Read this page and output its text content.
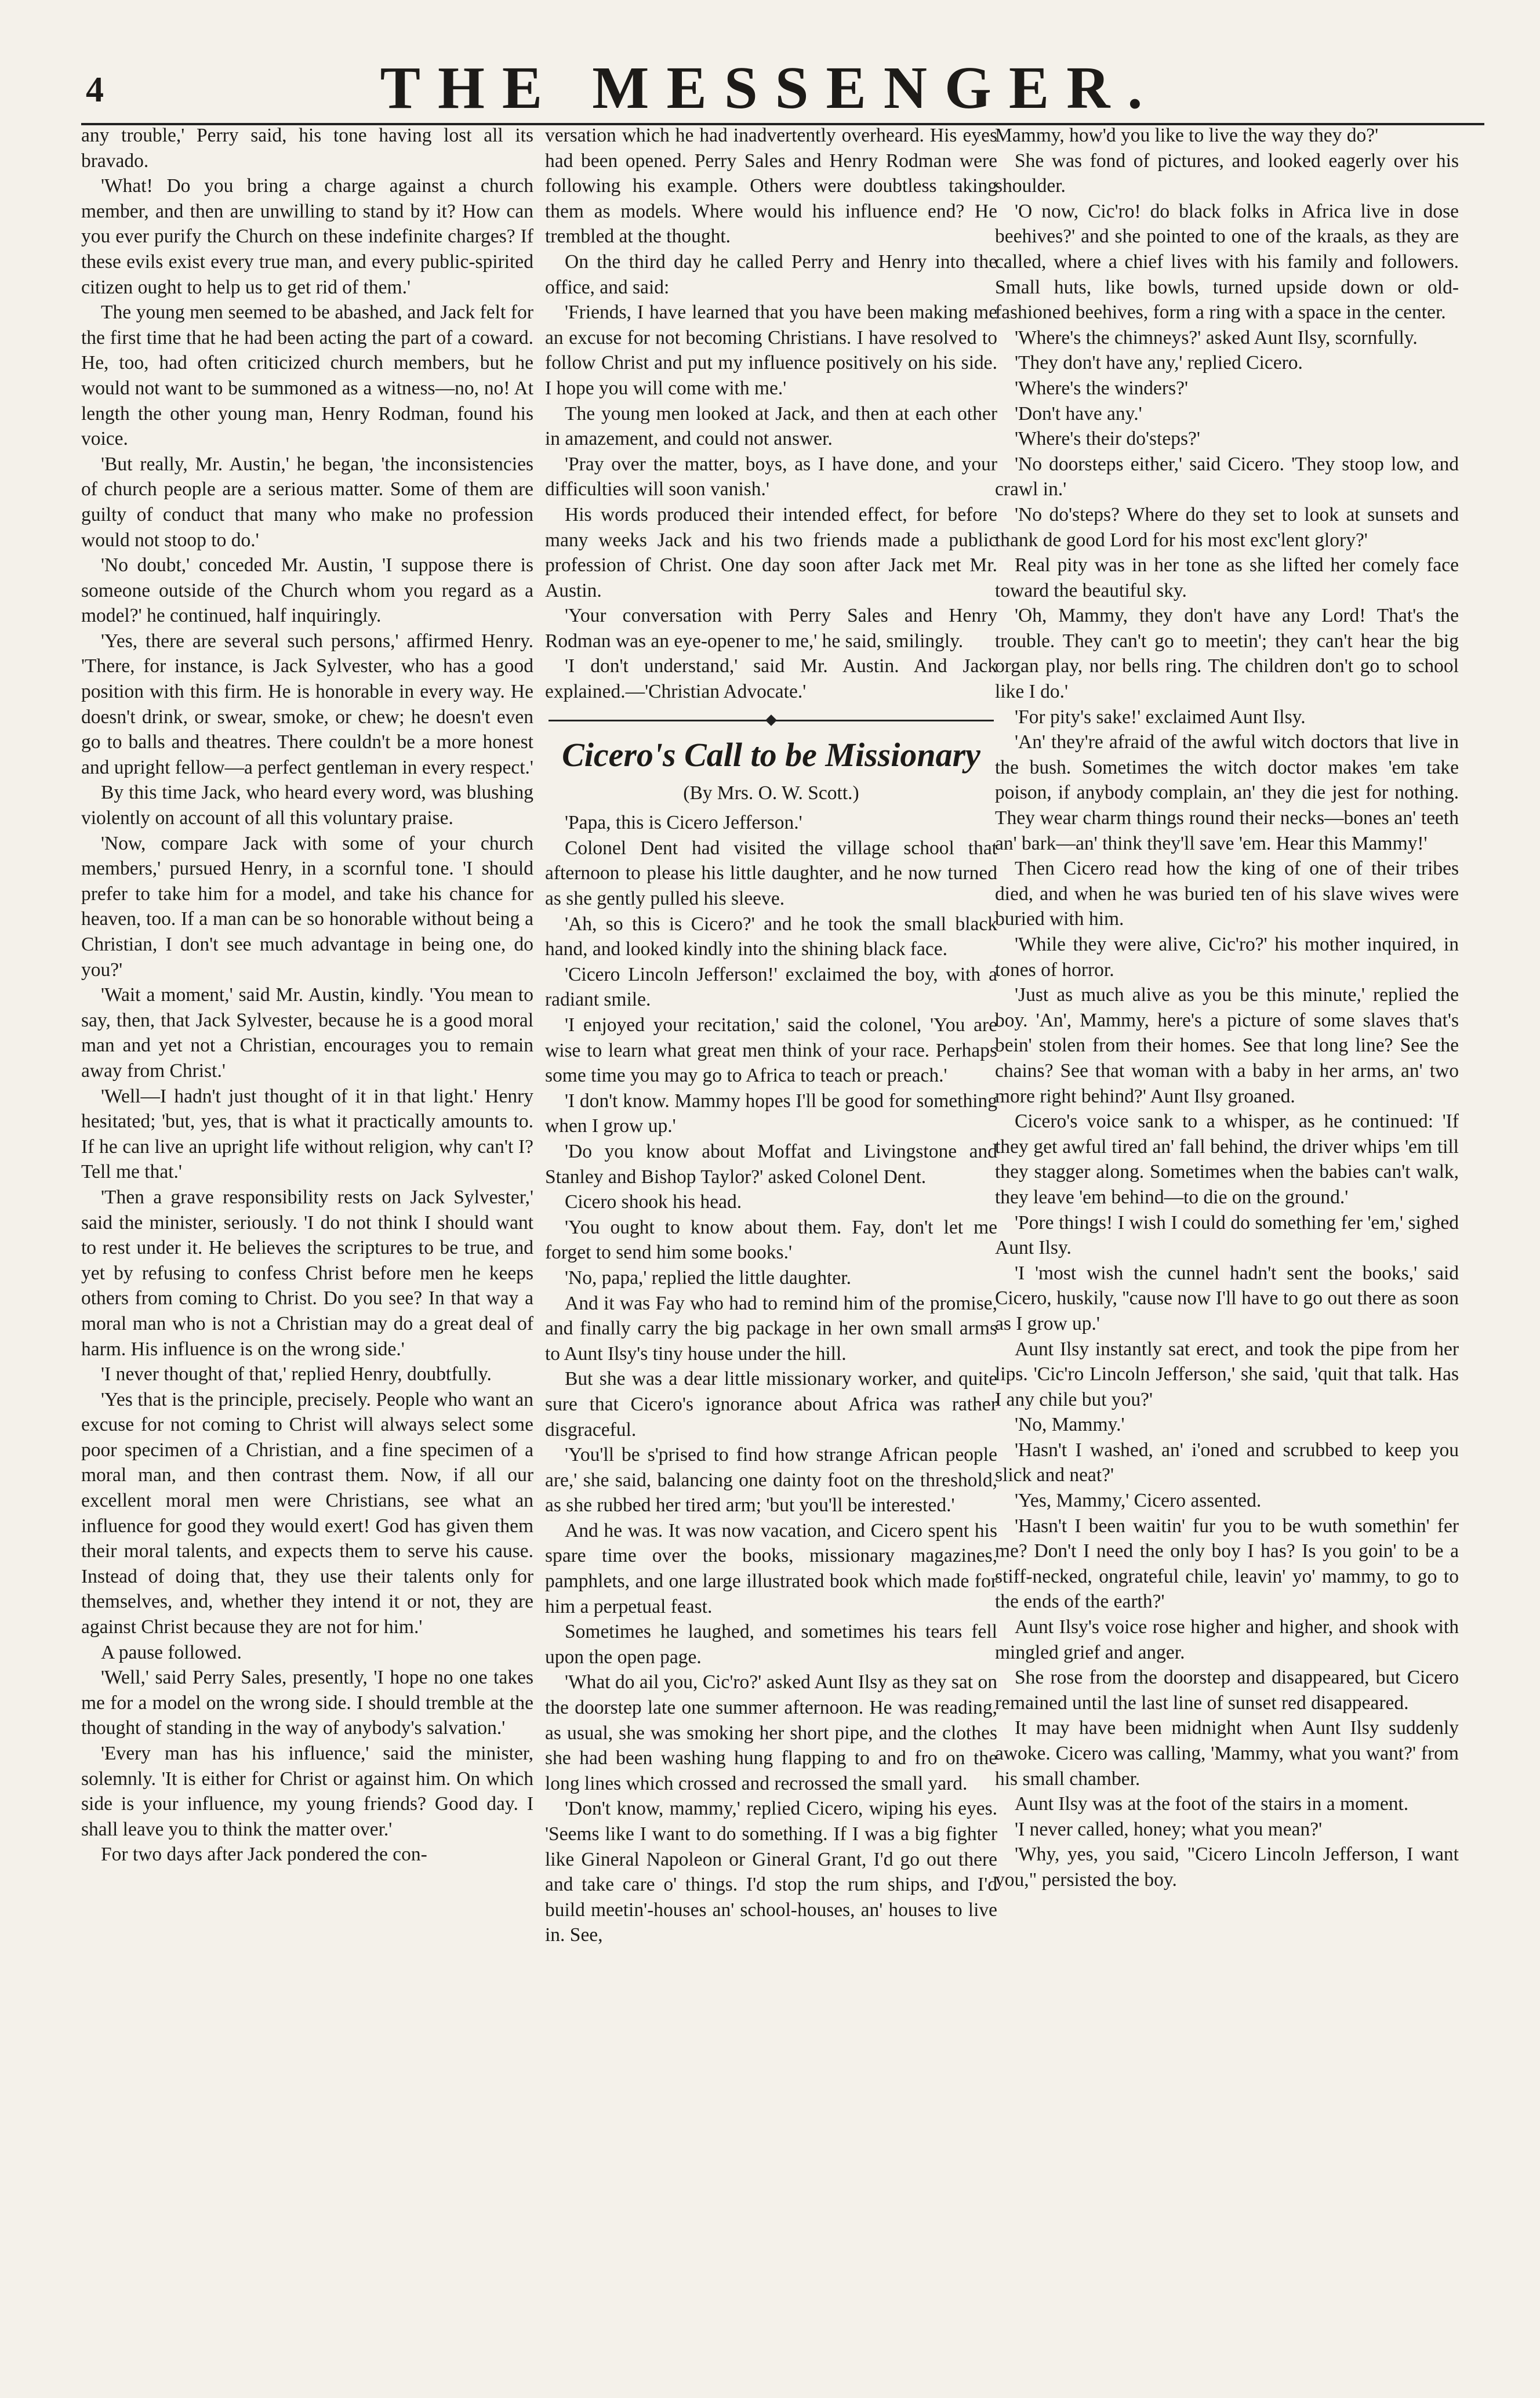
4	THE MESSENGER.

any trouble,' Perry said, his tone having lost all its bravado.

'What! Do you bring a charge against a church member, and then are unwilling to stand by it? How can you ever purify the Church on these indefinite charges? If these evils exist every true man, and every public-spirited citizen ought to help us to get rid of them.'

The young men seemed to be abashed, and Jack felt for the first time that he had been acting the part of a coward. He, too, had often criticized church members, but he would not want to be summoned as a witness—no, no! At length the other young man, Henry Rodman, found his voice.

'But really, Mr. Austin,' he began, 'the inconsistencies of church people are a serious matter. Some of them are guilty of conduct that many who make no profession would not stoop to do.'

'No doubt,' conceded Mr. Austin, 'I suppose there is someone outside of the Church whom you regard as a model?' he continued, half inquiringly.

'Yes, there are several such persons,' affirmed Henry. 'There, for instance, is Jack Sylvester, who has a good position with this firm. He is honorable in every way. He doesn't drink, or swear, smoke, or chew; he doesn't even go to balls and theatres. There couldn't be a more honest and upright fellow—a perfect gentleman in every respect.'

By this time Jack, who heard every word, was blushing violently on account of all this voluntary praise.

'Now, compare Jack with some of your church members,' pursued Henry, in a scornful tone. 'I should prefer to take him for a model, and take his chance for heaven, too. If a man can be so honorable without being a Christian, I don't see much advantage in being one, do you?'

'Wait a moment,' said Mr. Austin, kindly. 'You mean to say, then, that Jack Sylvester, because he is a good moral man and yet not a Christian, encourages you to remain away from Christ.'

'Well—I hadn't just thought of it in that light.' Henry hesitated; 'but, yes, that is what it practically amounts to. If he can live an upright life without religion, why can't I? Tell me that.'

'Then a grave responsibility rests on Jack Sylvester,' said the minister, seriously. 'I do not think I should want to rest under it. He believes the scriptures to be true, and yet by refusing to confess Christ before men he keeps others from coming to Christ. Do you see? In that way a moral man who is not a Christian may do a great deal of harm. His influence is on the wrong side.'

'I never thought of that,' replied Henry, doubtfully.

'Yes that is the principle, precisely. People who want an excuse for not coming to Christ will always select some poor specimen of a Christian, and a fine specimen of a moral man, and then contrast them. Now, if all our excellent moral men were Christians, see what an influence for good they would exert! God has given them their moral talents, and expects them to serve his cause. Instead of doing that, they use their talents only for themselves, and, whether they intend it or not, they are against Christ because they are not for him.'

A pause followed.

'Well,' said Perry Sales, presently, 'I hope no one takes me for a model on the wrong side. I should tremble at the thought of standing in the way of anybody's salvation.'

'Every man has his influence,' said the minister, solemnly. 'It is either for Christ or against him. On which side is your influence, my young friends? Good day. I shall leave you to think the matter over.'

For two days after Jack pondered the con-

versation which he had inadvertently overheard. His eyes had been opened. Perry Sales and Henry Rodman were following his example. Others were doubtless taking them as models. Where would his influence end? He trembled at the thought.

On the third day he called Perry and Henry into the office, and said:

'Friends, I have learned that you have been making me an excuse for not becoming Christians. I have resolved to follow Christ and put my influence positively on his side. I hope you will come with me.'

The young men looked at Jack, and then at each other in amazement, and could not answer.

'Pray over the matter, boys, as I have done, and your difficulties will soon vanish.'

His words produced their intended effect, for before many weeks Jack and his two friends made a public profession of Christ. One day soon after Jack met Mr. Austin.

'Your conversation with Perry Sales and Henry Rodman was an eye-opener to me,' he said, smilingly.

'I don't understand,' said Mr. Austin. And Jack explained.—'Christian Advocate.'

Cicero's Call to be Missionary
(By Mrs. O. W. Scott.)

'Papa, this is Cicero Jefferson.'

Colonel Dent had visited the village school that afternoon to please his little daughter, and he now turned as she gently pulled his sleeve.

'Ah, so this is Cicero?' and he took the small black hand, and looked kindly into the shining black face.

'Cicero Lincoln Jefferson!' exclaimed the boy, with a radiant smile.

'I enjoyed your recitation,' said the colonel, 'You are wise to learn what great men think of your race. Perhaps some time you may go to Africa to teach or preach.'

'I don't know. Mammy hopes I'll be good for something when I grow up.'

'Do you know about Moffat and Livingstone and Stanley and Bishop Taylor?' asked Colonel Dent.

Cicero shook his head.

'You ought to know about them. Fay, don't let me forget to send him some books.'

'No, papa,' replied the little daughter.

And it was Fay who had to remind him of the promise, and finally carry the big package in her own small arms to Aunt Ilsy's tiny house under the hill.

But she was a dear little missionary worker, and quite sure that Cicero's ignorance about Africa was rather disgraceful.

'You'll be s'prised to find how strange African people are,' she said, balancing one dainty foot on the threshold, as she rubbed her tired arm; 'but you'll be interested.'

And he was. It was now vacation, and Cicero spent his spare time over the books, missionary magazines, pamphlets, and one large illustrated book which made for him a perpetual feast.

Sometimes he laughed, and sometimes his tears fell upon the open page.

'What do ail you, Cic'ro?' asked Aunt Ilsy as they sat on the doorstep late one summer afternoon. He was reading, as usual, she was smoking her short pipe, and the clothes she had been washing hung flapping to and fro on the long lines which crossed and recrossed the small yard.

'Don't know, mammy,' replied Cicero, wiping his eyes. 'Seems like I want to do something. If I was a big fighter like Gineral Napoleon or Gineral Grant, I'd go out there and take care o' things. I'd stop the rum ships, and I'd build meetin'-houses an' school-houses, an' houses to live in. See,

Mammy, how'd you like to live the way they do?'

She was fond of pictures, and looked eagerly over his shoulder.

'O now, Cic'ro! do black folks in Africa live in dose beehives?' and she pointed to one of the kraals, as they are called, where a chief lives with his family and followers. Small huts, like bowls, turned upside down or old-fashioned beehives, form a ring with a space in the center.

'Where's the chimneys?' asked Aunt Ilsy, scornfully.

'They don't have any,' replied Cicero.

'Where's the winders?'

'Don't have any.'

'Where's their do'steps?'

'No doorsteps either,' said Cicero. 'They stoop low, and crawl in.'

'No do'steps? Where do they set to look at sunsets and thank de good Lord for his most exc'lent glory?'

Real pity was in her tone as she lifted her comely face toward the beautiful sky.

'Oh, Mammy, they don't have any Lord! That's the trouble. They can't go to meetin'; they can't hear the big organ play, nor bells ring. The children don't go to school like I do.'

'For pity's sake!' exclaimed Aunt Ilsy.

'An' they're afraid of the awful witch doctors that live in the bush. Sometimes the witch doctor makes 'em take poison, if anybody complain, an' they die jest for nothing. They wear charm things round their necks—bones an' teeth an' bark—an' think they'll save 'em. Hear this Mammy!'

Then Cicero read how the king of one of their tribes died, and when he was buried ten of his slave wives were buried with him.

'While they were alive, Cic'ro?' his mother inquired, in tones of horror.

'Just as much alive as you be this minute,' replied the boy. 'An', Mammy, here's a picture of some slaves that's bein' stolen from their homes. See that long line? See the chains? See that woman with a baby in her arms, an' two more right behind?' Aunt Ilsy groaned.

Cicero's voice sank to a whisper, as he continued: 'If they get awful tired an' fall behind, the driver whips 'em till they stagger along. Sometimes when the babies can't walk, they leave 'em behind—to die on the ground.'

'Pore things! I wish I could do something fer 'em,' sighed Aunt Ilsy.

'I 'most wish the cunnel hadn't sent the books,' said Cicero, huskily, ''cause now I'll have to go out there as soon as I grow up.'

Aunt Ilsy instantly sat erect, and took the pipe from her lips. 'Cic'ro Lincoln Jefferson,' she said, 'quit that talk. Has I any chile but you?'

'No, Mammy.'

'Hasn't I washed, an' i'oned and scrubbed to keep you slick and neat?'

'Yes, Mammy,' Cicero assented.

'Hasn't I been waitin' fur you to be wuth somethin' fer me? Don't I need the only boy I has? Is you goin' to be a stiff-necked, ongrateful chile, leavin' yo' mammy, to go to the ends of the earth?'

Aunt Ilsy's voice rose higher and higher, and shook with mingled grief and anger.

She rose from the doorstep and disappeared, but Cicero remained until the last line of sunset red disappeared.

It may have been midnight when Aunt Ilsy suddenly awoke. Cicero was calling, 'Mammy, what you want?' from his small chamber.

Aunt Ilsy was at the foot of the stairs in a moment.

'I never called, honey; what you mean?'

'Why, yes, you said, "Cicero Lincoln Jefferson, I want you," persisted the boy.
